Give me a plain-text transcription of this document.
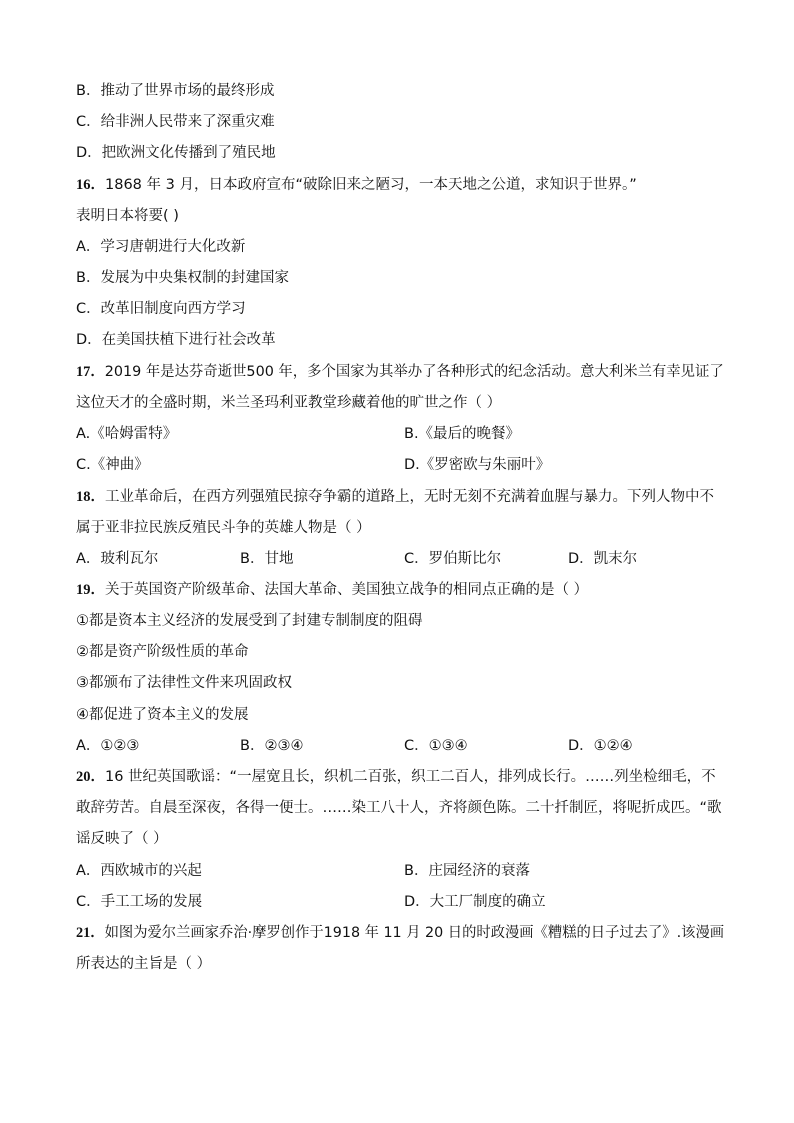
B．推动了世界市场的最终形成
C．给非洲人民带来了深重灾难
D．把欧洲文化传播到了殖民地
16．1868 年 3 月，日本政府宣布“破除旧来之陋习，一本天地之公道，求知识于世界。”
表明日本将要( )
A．学习唐朝进行大化改新
B．发展为中央集权制的封建国家
C．改革旧制度向西方学习
D．在美国扶植下进行社会改革
17．2019 年是达芬奇逝世500 年，多个国家为其举办了各种形式的纪念活动。意大利米兰有幸见证了
这位天才的全盛时期，米兰圣玛利亚教堂珍藏着他的旷世之作（ ）
A.《哈姆雷特》	B.《最后的晚餐》
C.《神曲》	D.《罗密欧与朱丽叶》
18．工业革命后，在西方列强殖民掠夺争霸的道路上，无时无刻不充满着血腥与暴力。下列人物中不
属于亚非拉民族反殖民斗争的英雄人物是（ ）
A．玻利瓦尔	B．甘地	C．罗伯斯比尔	D．凯末尔
19．关于英国资产阶级革命、法国大革命、美国独立战争的相同点正确的是（ ）
①都是资本主义经济的发展受到了封建专制制度的阻碍
②都是资产阶级性质的革命
③都颁布了法律性文件来巩固政权
④都促进了资本主义的发展
A．①②③	B．②③④	C．①③④	D．①②④
20．16 世纪英国歌谣：“一屋宽且长，织机二百张，织工二百人，排列成长行。……列坐检细毛，不
敢辞劳苦。自晨至深夜，各得一便士。……染工八十人，齐将颜色陈。二十扦制匠，将呢折成匹。“歌
谣反映了（ ）
A．西欧城市的兴起	B．庄园经济的衰落
C．手工工场的发展	D．大工厂制度的确立
21．如图为爱尔兰画家乔治·摩罗创作于1918 年 11 月 20 日的时政漫画《糟糕的日子过去了》.该漫画
所表达的主旨是（ ）
